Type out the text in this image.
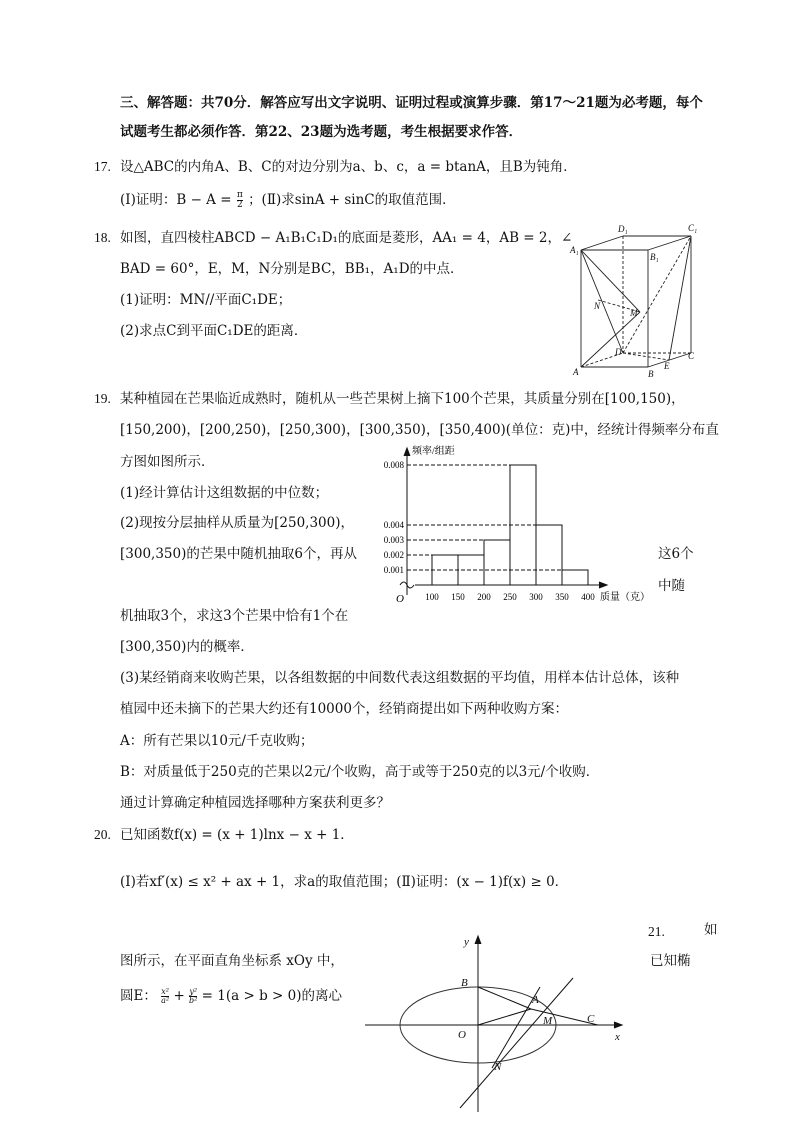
三、解答题：共70分．解答应写出文字说明、证明过程或演算步骤．第17～21题为必考题，每个
试题考生都必须作答．第22、23题为选考题，考生根据要求作答．
17. 设△ABC的内角A、B、C的对边分别为a、b、c，a = btanA，且B为钝角．
(Ⅰ)证明：$B - A = \frac{\pi}{2}$ ；(Ⅱ)求sinA + sinC的取值范围．
18. 如图，直四棱柱ABCD − A₁B₁C₁D₁的底面是菱形，AA₁ = 4，AB = 2，∠
BAD = 60°，E，M，N分别是BC，BB₁，A₁D的中点．
(1)证明：MN//平面C₁DE；
(2)求点C到平面C₁DE的距离．
D₁	C₁
A₁
B₁
N
M
D
A	B
E
C
19. 某种植园在芒果临近成熟时，随机从一些芒果树上摘下100个芒果，其质量分别在[100,150)，
[150,200)，[200,250)，[250,300)，[300,350)，[350,400)(单位：克)中，经统计得频率分布直
方图如图所示．
(1)经计算估计这组数据的中位数；
(2)现按分层抽样从质量为[250,300)，
[300,350)的芒果中随机抽取6个，再从	这6个
中随
机抽取3个，求这3个芒果中恰有1个在
[300,350)内的概率．
(3)某经销商来收购芒果，以各组数据的中间数代表这组数据的平均值，用样本估计总体，该种
植园中还未摘下的芒果大约还有10000个，经销商提出如下两种收购方案：
A：所有芒果以10元/千克收购；
B：对质量低于250克的芒果以2元/个收购，高于或等于250克的以3元/个收购．
通过计算确定种植园选择哪种方案获利更多？
0.001
0.002
0.003
0.004
0.008
100 150 200 250 300 350 400
频率/组距
质量（克）
O
20. 已知函数f(x) = (x + 1)lnx − x + 1．
(Ⅰ)若xf′(x) ≤ x² + ax + 1，求a的取值范围；(Ⅱ)证明：(x − 1)f(x) ≥ 0．
21.	如
图所示，在平面直角坐标系 xOy 中，	已知椭
圆E： $\frac{\text{x²}}{\text{a²}} + \frac{\text{y²}}{\text{b²}} = 1(a > b > 0)$的离心
y
x
B
A
O
M	C
N
